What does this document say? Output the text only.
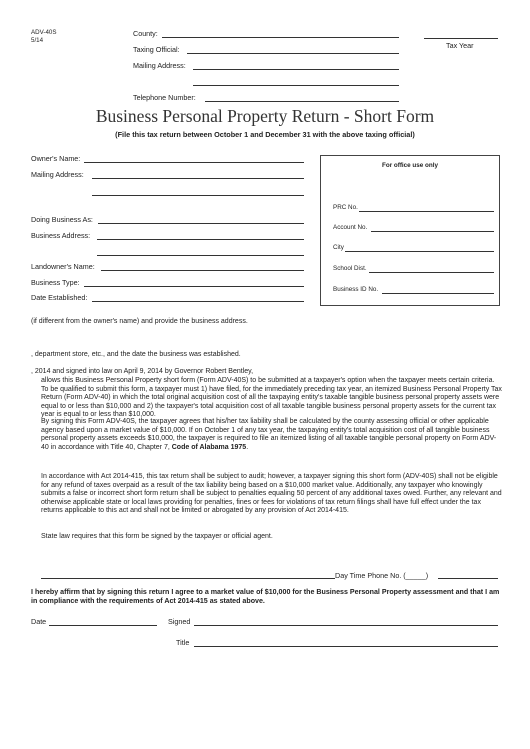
ADV-40S
5/14
County:
Taxing Official:
Mailing Address:
Telephone Number:
Tax Year
Business Personal Property Return - Short Form
(File this tax return between October 1 and December 31 with the above taxing official)
Owner's Name:
Mailing Address:
Doing Business As:
Business Address:
Landowner's Name:
Business Type:
Date Established:
For office use only
PRC No.
Account No.
City
School Dist.
Business ID No.
(if different from the owner's name) and provide the business address.
, department store, etc., and the date the business was established.
, 2014 and signed into law on April 9, 2014 by Governor Robert Bentley,
allows this Business Personal Property short form (Form ADV-40S) to be submitted at a taxpayer's option when the taxpayer meets certain criteria. To be qualified to submit this form, a taxpayer must 1) have filed, for the immediately preceding tax year, an itemized Business Personal Property Tax Return (Form ADV-40) in which the total original acquisition cost of all the taxpaying entity's taxable tangible business personal property assets were equal to or less than $10,000 and 2) the taxpayer's total acquisition cost of all taxable tangible business personal property assets for the current tax year is equal to or less than $10,000.
By signing this Form ADV-40S, the taxpayer agrees that his/her tax liability shall be calculated by the county assessing official or other applicable agency based upon a market value of $10,000. If on October 1 of any tax year, the taxpaying entity's total acquisition cost of all tangible business personal property assets exceeds $10,000, the taxpayer is required to file an itemized listing of all taxable tangible personal property on Form ADV-40 in accordance with Title 40, Chapter 7, Code of Alabama 1975.
In accordance with Act 2014-415, this tax return shall be subject to audit; however, a taxpayer signing this short form (ADV-40S) shall not be eligible for any refund of taxes overpaid as a result of the tax liability being based on a $10,000 market value. Additionally, any taxpayer who knowingly submits a false or incorrect short form return shall be subject to penalties equaling 50 percent of any additional taxes owed. Further, any relevant and otherwise applicable state or local laws providing for penalties, fines or fees for violations of tax return filings shall have full effect under the tax returns applicable to this act and shall not be limited or abrogated by any provision of Act 2014-415.
State law requires that this form be signed by the taxpayer or official agent.
Day Time Phone No. (_____)
I hereby affirm that by signing this return I agree to a market value of $10,000 for the Business Personal Property assessment and that I am in compliance with the requirements of Act 2014-415 as stated above.
Date	Signed
Title
